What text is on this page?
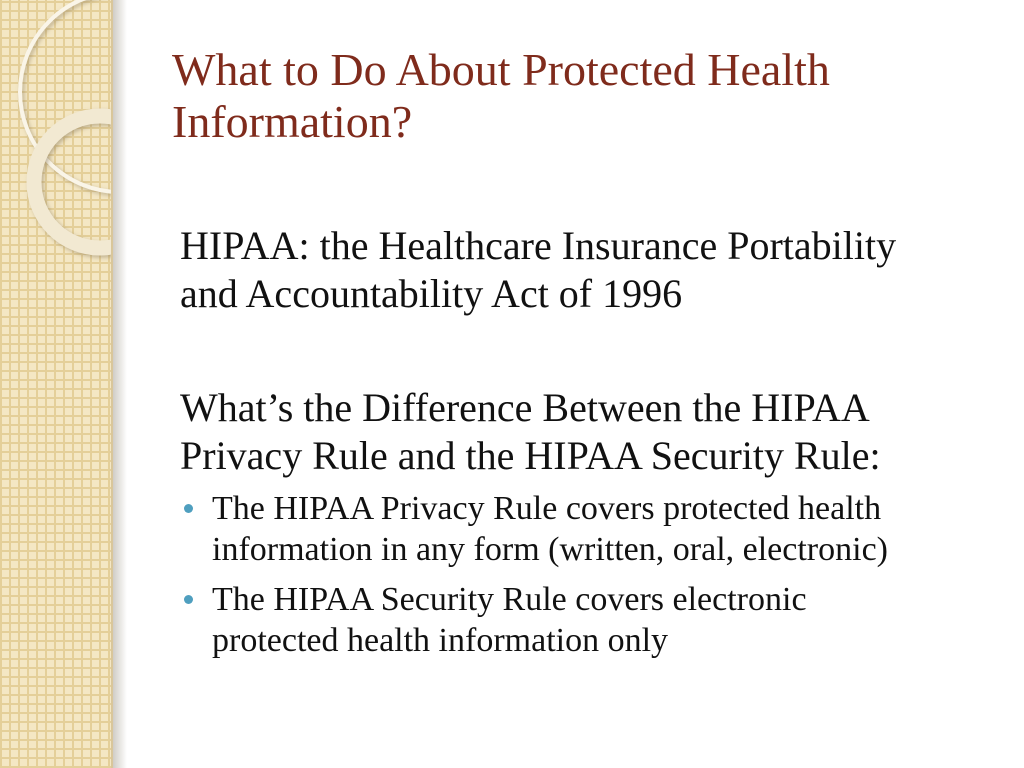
What to Do About Protected Health Information?

HIPAA: the Healthcare Insurance Portability and Accountability Act of 1996

What’s the Difference Between the HIPAA Privacy Rule and the HIPAA Security Rule:

The HIPAA Privacy Rule covers protected health information in any form (written, oral, electronic)
The HIPAA Security Rule covers electronic protected health information only
